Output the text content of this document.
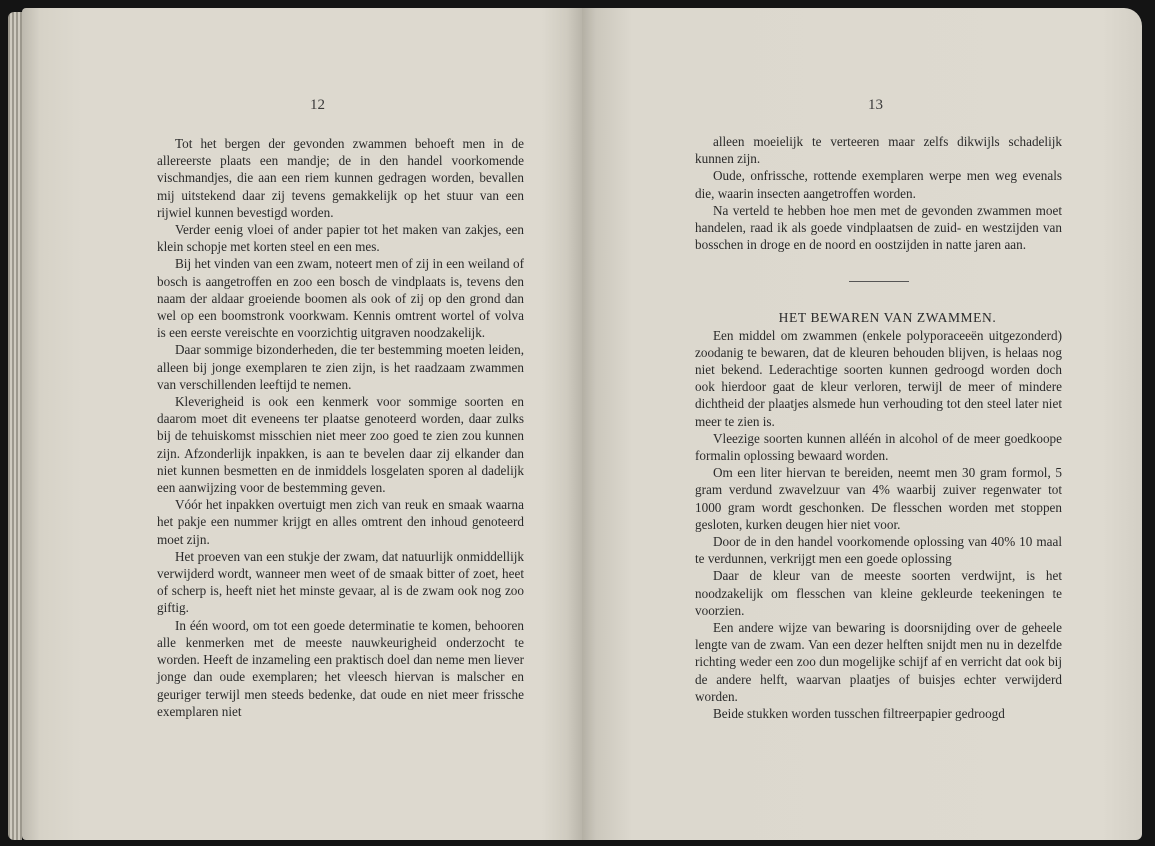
12

Tot het bergen der gevonden zwammen behoeft men in de allereerste plaats een mandje; de in den handel voorkomende vischmandjes, die aan een riem kunnen gedragen worden, bevallen mij uitstekend daar zij tevens gemakkelijk op het stuur van een rijwiel kunnen bevestigd worden.

Verder eenig vloei of ander papier tot het maken van zakjes, een klein schopje met korten steel en een mes.

Bij het vinden van een zwam, noteert men of zij in een weiland of bosch is aangetroffen en zoo een bosch de vindplaats is, tevens den naam der aldaar groeiende boomen als ook of zij op den grond dan wel op een boomstronk voorkwam. Kennis omtrent wortel of volva is een eerste vereischte en voorzichtig uitgraven noodzakelijk.

Daar sommige bizonderheden, die ter bestemming moeten leiden, alleen bij jonge exemplaren te zien zijn, is het raadzaam zwammen van verschillenden leeftijd te nemen.

Kleverigheid is ook een kenmerk voor sommige soorten en daarom moet dit eveneens ter plaatse genoteerd worden, daar zulks bij de tehuiskomst misschien niet meer zoo goed te zien zou kunnen zijn. Afzonderlijk inpakken, is aan te bevelen daar zij elkander dan niet kunnen besmetten en de inmiddels losgelaten sporen al dadelijk een aanwijzing voor de bestemming geven.

Vóór het inpakken overtuigt men zich van reuk en smaak waarna het pakje een nummer krijgt en alles omtrent den inhoud genoteerd moet zijn.

Het proeven van een stukje der zwam, dat natuurlijk onmiddellijk verwijderd wordt, wanneer men weet of de smaak bitter of zoet, heet of scherp is, heeft niet het minste gevaar, al is de zwam ook nog zoo giftig.

In één woord, om tot een goede determinatie te komen, behooren alle kenmerken met de meeste nauwkeurigheid onderzocht te worden. Heeft de inzameling een praktisch doel dan neme men liever jonge dan oude exemplaren; het vleesch hiervan is malscher en geuriger terwijl men steeds bedenke, dat oude en niet meer frissche exemplaren niet

13

alleen moeielijk te verteeren maar zelfs dikwijls schadelijk kunnen zijn.

Oude, onfrissche, rottende exemplaren werpe men weg evenals die, waarin insecten aangetroffen worden.

Na verteld te hebben hoe men met de gevonden zwammen moet handelen, raad ik als goede vindplaatsen de zuid- en westzijden van bosschen in droge en de noord en oostzijden in natte jaren aan.

HET BEWAREN VAN ZWAMMEN.

Een middel om zwammen (enkele polyporaceeën uitgezonderd) zoodanig te bewaren, dat de kleuren behouden blijven, is helaas nog niet bekend. Lederachtige soorten kunnen gedroogd worden doch ook hierdoor gaat de kleur verloren, terwijl de meer of mindere dichtheid der plaatjes alsmede hun verhouding tot den steel later niet meer te zien is.

Vleezige soorten kunnen alléén in alcohol of de meer goedkoope formalin oplossing bewaard worden.

Om een liter hiervan te bereiden, neemt men 30 gram formol, 5 gram verdund zwavelzuur van 4% waarbij zuiver regenwater tot 1000 gram wordt geschonken. De flesschen worden met stoppen gesloten, kurken deugen hier niet voor.

Door de in den handel voorkomende oplossing van 40% 10 maal te verdunnen, verkrijgt men een goede oplossing

Daar de kleur van de meeste soorten verdwijnt, is het noodzakelijk om flesschen van kleine gekleurde teekeningen te voorzien.

Een andere wijze van bewaring is doorsnijding over de geheele lengte van de zwam. Van een dezer helften snijdt men nu in dezelfde richting weder een zoo dun mogelijke schijf af en verricht dat ook bij de andere helft, waarvan plaatjes of buisjes echter verwijderd worden.

Beide stukken worden tusschen filtreerpapier gedroogd
